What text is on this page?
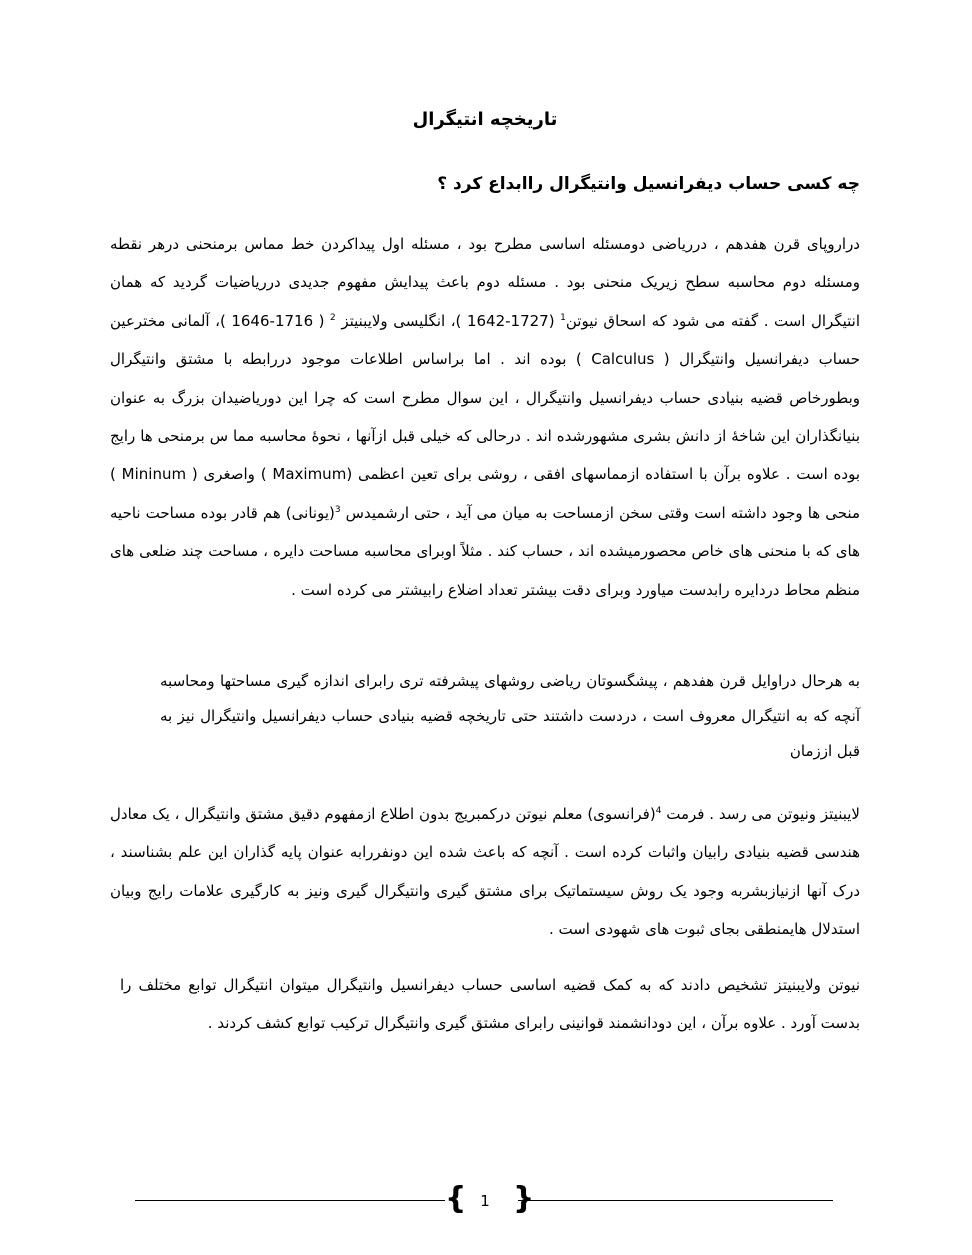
تاریخچه انتیگرال
چه کسی حساب دیفرانسیل وانتیگرال راابداع کرد ؟

دراروپای قرن هفدهم ، درریاضی دومسئله اساسی مطرح بود ، مسئله اول پیداکردن خط مماس برمنحنی درهر نقطه ومسئله دوم محاسبه سطح زیریک منحنی بود . مسئله دوم باعث پیدایش مفهوم جدیدی درریاضیات گردید که همان انتیگرال است . گفته می شود که اسحاق نیوتن$^1$ (1727-1642 )، انگلیسی ولایبنیتز $^2$ ( 1716-1646 )، آلمانی مخترعین حساب دیفرانسیل وانتیگرال ( Calculus ) بوده اند . اما براساس اطلاعات موجود دررابطه با مشتق وانتیگرال وبطورخاص قضیه بنیادی حساب دیفرانسیل وانتیگرال ، این سوال مطرح است که چرا این دوریاضیدان بزرگ به عنوان بنیانگذاران این شاخهٔ از دانش بشری مشهورشده اند . درحالی که خیلی قبل ازآنها ، نحوهٔ محاسبه مما س برمنحی ها رایج بوده است . علاوه برآن با استفاده ازمماسهای افقی ، روشی برای تعین اعظمی (Maximum ) واصغری ( Mininum ) منحی ها وجود داشته است وقتی سخن ازمساحت به میان می آید ، حتی ارشمیدس $^3$(یونانی) هم قادر بوده مساحت ناحیه های که با منحنی های خاص محصورمیشده اند ، حساب کند . مثلاً اوبرای محاسبه مساحت دایره ، مساحت چند ضلعی های منظم محاط دردایره رابدست میاورد وبرای دقت بیشتر تعداد اضلاع رابیشتر می کرده است .

به هرحال دراوایل قرن هفدهم ، پیشگسوتان ریاضی روشهای پیشرفته تری رابرای اندازه گیری مساحتها ومحاسبه آنچه که به انتیگرال معروف است ، دردست داشتند حتی تاریخچه قضیه بنیادی حساب دیفرانسیل وانتیگرال نیز به قبل اززمان

لایبنیتز ونیوتن می رسد . فرمت $^4$(فرانسوی) معلم نیوتن درکمبریج بدون اطلاع ازمفهوم دقیق مشتق وانتیگرال ، یک معادل هندسی قضیه بنیادی رابیان واثبات کرده است . آنچه که باعث شده این دونفررابه عنوان پایه گذاران این علم بشناسند ، درک آنها ازنیازبشربه وجود یک روش سیستماتیک برای مشتق گیری وانتیگرال گیری ونیز به کارگیری علامات رایج وبیان استدلال هایمنطقی بجای ثبوت های شهودی است .

نیوتن ولایبنیتز تشخیص دادند که به کمک قضیه اساسی حساب دیفرانسیل وانتیگرال میتوان انتیگرال توابع مختلف را بدست آورد . علاوه برآن ، این دودانشمند قوانینی رابرای مشتق گیری وانتیگرال ترکیب توابع کشف کردند .

{ 1 }
